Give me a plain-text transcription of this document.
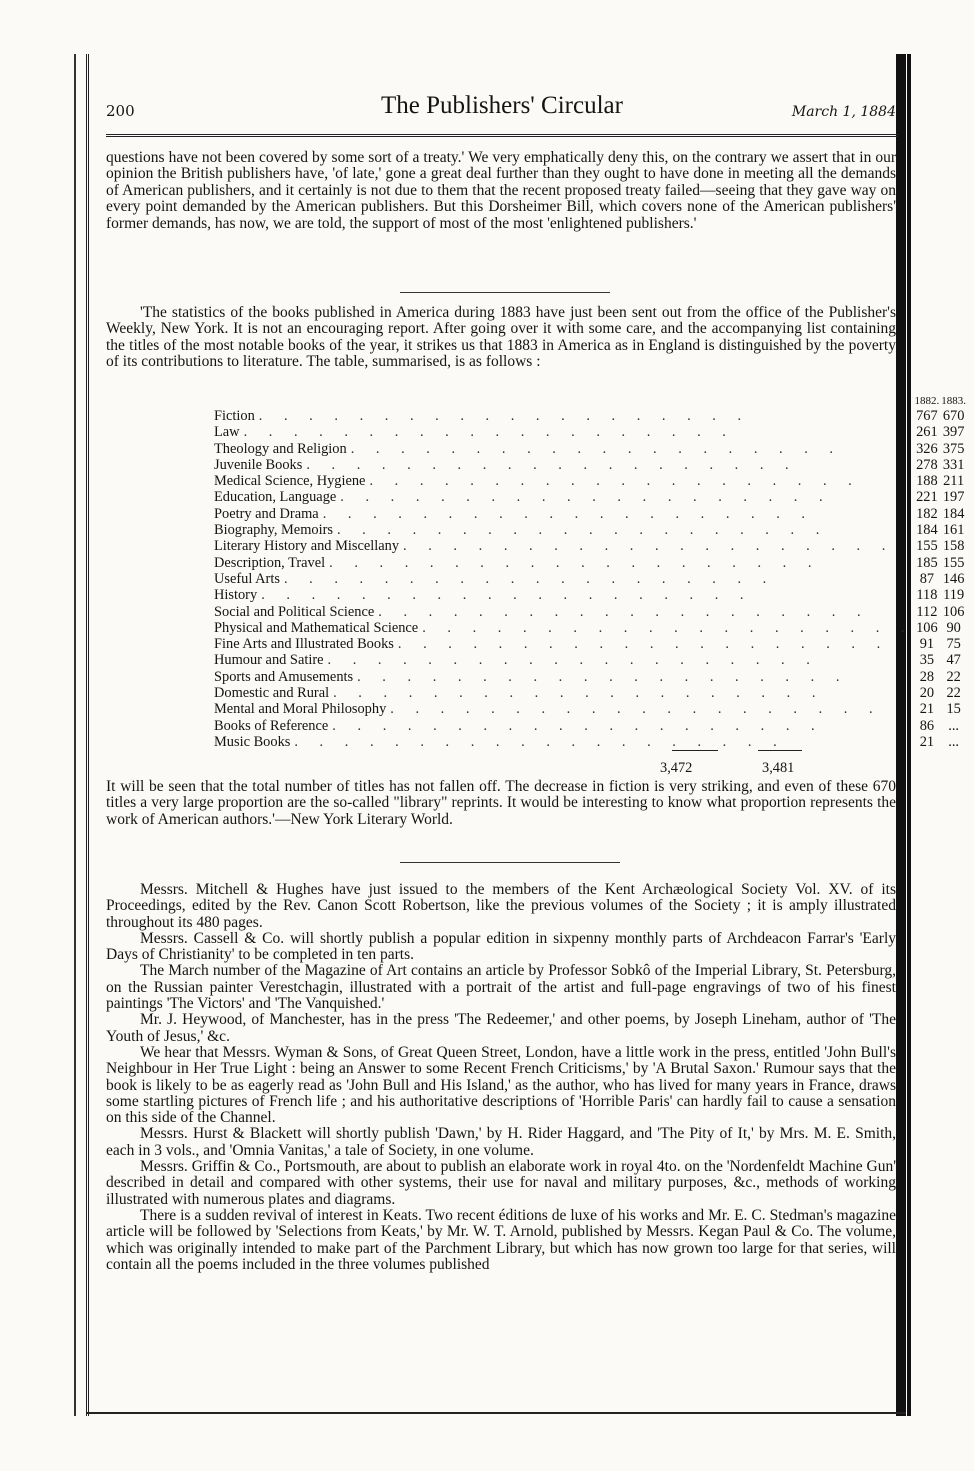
200	The Publishers' Circular	March 1, 1884

questions have not been covered by some sort of a treaty.' We very emphatically deny this, on the contrary we assert that in our opinion the British publishers have, 'of late,' gone a great deal further than they ought to have done in meeting all the demands of American publishers, and it certainly is not due to them that the recent proposed treaty failed—seeing that they gave way on every point demanded by the American publishers. But this Dorsheimer Bill, which covers none of the American publishers' former demands, has now, we are told, the support of most of the most 'enlightened publishers.'

'The statistics of the books published in America during 1883 have just been sent out from the office of the Publisher's Weekly, New York. It is not an encouraging report. After going over it with some care, and the accompanying list containing the titles of the most notable books of the year, it strikes us that 1883 in America as in England is distinguished by the poverty of its contributions to literature. The table, summarised, is as follows :

	1882.	1883.
Fiction . . . . . . . . . . . . . . . . . . . .	767	670
Law . . . . . . . . . . . . . . . . . . . .	261	397
Theology and Religion . . . . . . . . . . . . . . . . . . . .	326	375
Juvenile Books . . . . . . . . . . . . . . . . . . . .	278	331
Medical Science, Hygiene . . . . . . . . . . . . . . . . . . . .	188	211
Education, Language . . . . . . . . . . . . . . . . . . . .	221	197
Poetry and Drama . . . . . . . . . . . . . . . . . . . .	182	184
Biography, Memoirs . . . . . . . . . . . . . . . . . . . .	184	161
Literary History and Miscellany . . . . . . . . . . . . . . . . . . . .	155	158
Description, Travel . . . . . . . . . . . . . . . . . . . .	185	155
Useful Arts . . . . . . . . . . . . . . . . . . . .	87	146
History . . . . . . . . . . . . . . . . . . . .	118	119
Social and Political Science . . . . . . . . . . . . . . . . . . . .	112	106
Physical and Mathematical Science . . . . . . . . . . . . . . . . . . . .	106	90
Fine Arts and Illustrated Books . . . . . . . . . . . . . . . . . . . .	91	75
Humour and Satire . . . . . . . . . . . . . . . . . . . .	35	47
Sports and Amusements . . . . . . . . . . . . . . . . . . . .	28	22
Domestic and Rural . . . . . . . . . . . . . . . . . . . .	20	22
Mental and Moral Philosophy . . . . . . . . . . . . . . . . . . . .	21	15
Books of Reference . . . . . . . . . . . . . . . . . . . .	86	...
Music Books . . . . . . . . . . . . . . . . . . . .	21	...
3,472	3,481

It will be seen that the total number of titles has not fallen off. The decrease in fiction is very striking, and even of these 670 titles a very large proportion are the so-called "library" reprints. It would be interesting to know what proportion represents the work of American authors.'—New York Literary World.

Messrs. Mitchell & Hughes have just issued to the members of the Kent Archæological Society Vol. XV. of its Proceedings, edited by the Rev. Canon Scott Robertson, like the previous volumes of the Society ; it is amply illustrated throughout its 480 pages.

Messrs. Cassell & Co. will shortly publish a popular edition in sixpenny monthly parts of Archdeacon Farrar's 'Early Days of Christianity' to be completed in ten parts.

The March number of the Magazine of Art contains an article by Professor Sobkô of the Imperial Library, St. Petersburg, on the Russian painter Verestchagin, illustrated with a portrait of the artist and full-page engravings of two of his finest paintings 'The Victors' and 'The Vanquished.'

Mr. J. Heywood, of Manchester, has in the press 'The Redeemer,' and other poems, by Joseph Lineham, author of 'The Youth of Jesus,' &c.

We hear that Messrs. Wyman & Sons, of Great Queen Street, London, have a little work in the press, entitled 'John Bull's Neighbour in Her True Light : being an Answer to some Recent French Criticisms,' by 'A Brutal Saxon.' Rumour says that the book is likely to be as eagerly read as 'John Bull and His Island,' as the author, who has lived for many years in France, draws some startling pictures of French life ; and his authoritative descriptions of 'Horrible Paris' can hardly fail to cause a sensation on this side of the Channel.

Messrs. Hurst & Blackett will shortly publish 'Dawn,' by H. Rider Haggard, and 'The Pity of It,' by Mrs. M. E. Smith, each in 3 vols., and 'Omnia Vanitas,' a tale of Society, in one volume.

Messrs. Griffin & Co., Portsmouth, are about to publish an elaborate work in royal 4to. on the 'Nordenfeldt Machine Gun' described in detail and compared with other systems, their use for naval and military purposes, &c., methods of working illustrated with numerous plates and diagrams.

There is a sudden revival of interest in Keats. Two recent éditions de luxe of his works and Mr. E. C. Stedman's magazine article will be followed by 'Selections from Keats,' by Mr. W. T. Arnold, published by Messrs. Kegan Paul & Co. The volume, which was originally intended to make part of the Parchment Library, but which has now grown too large for that series, will contain all the poems included in the three volumes published
